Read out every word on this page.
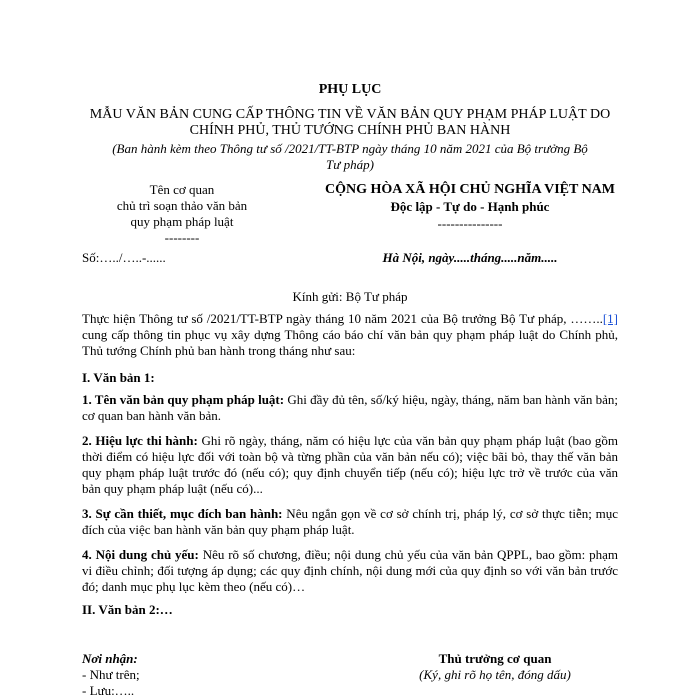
PHỤ LỤC
MẪU VĂN BẢN CUNG CẤP THÔNG TIN VỀ VĂN BẢN QUY PHẠM PHÁP LUẬT DO
CHÍNH PHỦ, THỦ TƯỚNG CHÍNH PHỦ BAN HÀNH
(Ban hành kèm theo Thông tư số /2021/TT-BTP ngày tháng 10 năm 2021 của Bộ trưởng Bộ
Tư pháp)
Tên cơ quan
chủ trì soạn thảo văn bản
quy phạm pháp luật
--------
Số:…../…..-......
CỘNG HÒA XÃ HỘI CHỦ NGHĨA VIỆT NAM
Độc lập - Tự do - Hạnh phúc
---------------
Hà Nội, ngày.....tháng.....năm.....
Kính gửi: Bộ Tư pháp

Thực hiện Thông tư số /2021/TT-BTP ngày tháng 10 năm 2021 của Bộ trưởng Bộ Tư pháp, ……..[1] cung cấp thông tin phục vụ xây dựng Thông cáo báo chí văn bản quy phạm pháp luật do Chính phủ, Thủ tướng Chính phủ ban hành trong tháng như sau:

I. Văn bản 1:

1. Tên văn bản quy phạm pháp luật: Ghi đầy đủ tên, số/ký hiệu, ngày, tháng, năm ban hành văn bản; cơ quan ban hành văn bản.

2. Hiệu lực thi hành: Ghi rõ ngày, tháng, năm có hiệu lực của văn bản quy phạm pháp luật (bao gồm thời điểm có hiệu lực đối với toàn bộ và từng phần của văn bản nếu có); việc bãi bỏ, thay thế văn bản quy phạm pháp luật trước đó (nếu có); quy định chuyển tiếp (nếu có); hiệu lực trở về trước của văn bản quy phạm pháp luật (nếu có)...

3. Sự cần thiết, mục đích ban hành: Nêu ngắn gọn về cơ sở chính trị, pháp lý, cơ sở thực tiễn; mục đích của việc ban hành văn bản quy phạm pháp luật.

4. Nội dung chủ yếu: Nêu rõ số chương, điều; nội dung chủ yếu của văn bản QPPL, bao gồm: phạm vi điều chỉnh; đối tượng áp dụng; các quy định chính, nội dung mới của quy định so với văn bản trước đó; danh mục phụ lục kèm theo (nếu có)…

II. Văn bản 2:…
Nơi nhận:
- Như trên;
- Lưu:…..
Thủ trưởng cơ quan
(Ký, ghi rõ họ tên, đóng dấu)
